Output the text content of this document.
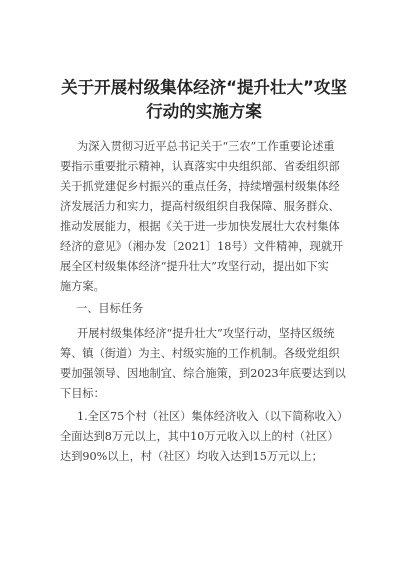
关于开展村级集体经济“提升壮大”攻坚
行动的实施方案
为深入贯彻习近平总书记关于“三农”工作重要论述重
要指示重要批示精神，认真落实中央组织部、省委组织部
关于抓党建促乡村振兴的重点任务，持续增强村级集体经
济发展活力和实力，提高村级组织自我保障、服务群众、
推动发展能力，根据《关于进一步加快发展壮大农村集体
经济的意见》（湘办发〔2021〕18号）文件精神，现就开
展全区村级集体经济“提升壮大”攻坚行动，提出如下实
施方案。
一、目标任务
开展村级集体经济“提升壮大”攻坚行动，坚持区级统
筹、镇（街道）为主、村级实施的工作机制。各级党组织
要加强领导、因地制宜、综合施策，到2023年底要达到以
下目标：
1.全区75个村（社区）集体经济收入（以下简称收入）
全面达到8万元以上，其中10万元收入以上的村（社区）
达到90%以上，村（社区）均收入达到15万元以上；
